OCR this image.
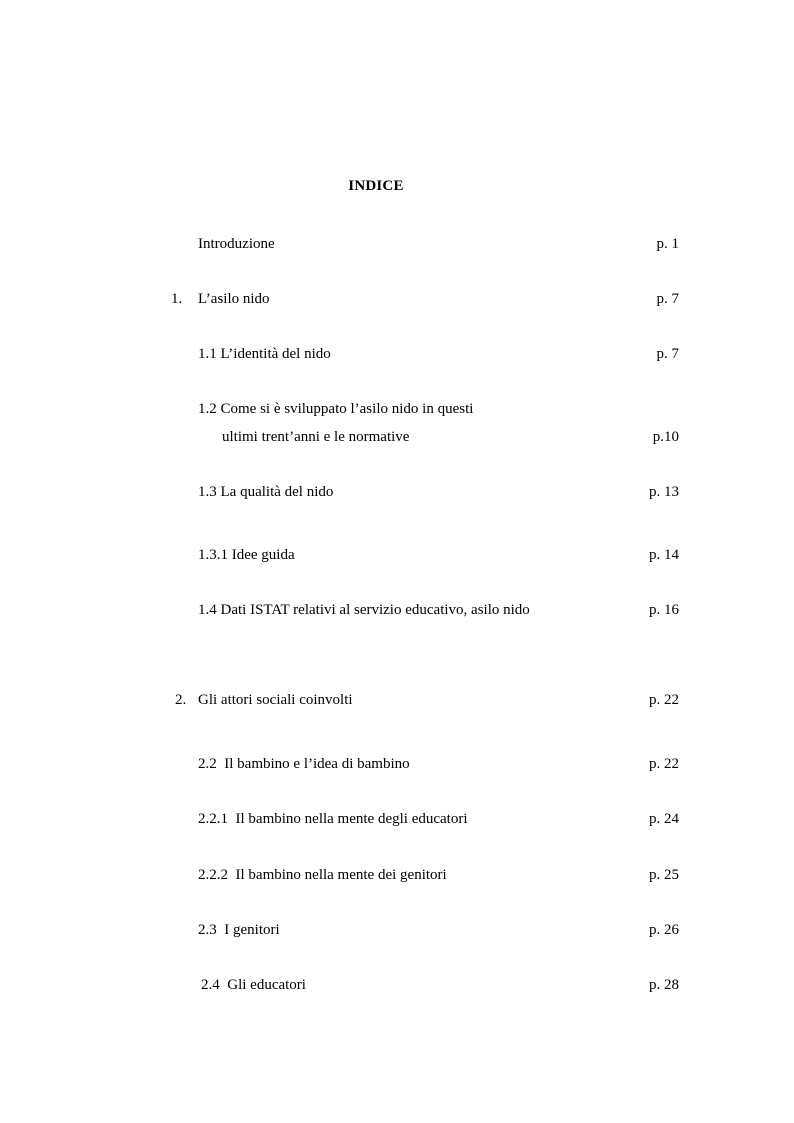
INDICE
Introduzione	p. 1
1. L’asilo nido	p. 7
1.1 L’identità del nido	p. 7
1.2 Come si è sviluppato l’asilo nido in questi
ultimi trent’anni e le normative	p.10
1.3 La qualità del nido	p. 13
1.3.1 Idee guida	p. 14
1.4 Dati ISTAT relativi al servizio educativo, asilo nido	p. 16
2. Gli attori sociali coinvolti	p. 22
2.2  Il bambino e l’idea di bambino	p. 22
2.2.1  Il bambino nella mente degli educatori	p. 24
2.2.2  Il bambino nella mente dei genitori	p. 25
2.3  I genitori	p. 26
2.4  Gli educatori	p. 28
